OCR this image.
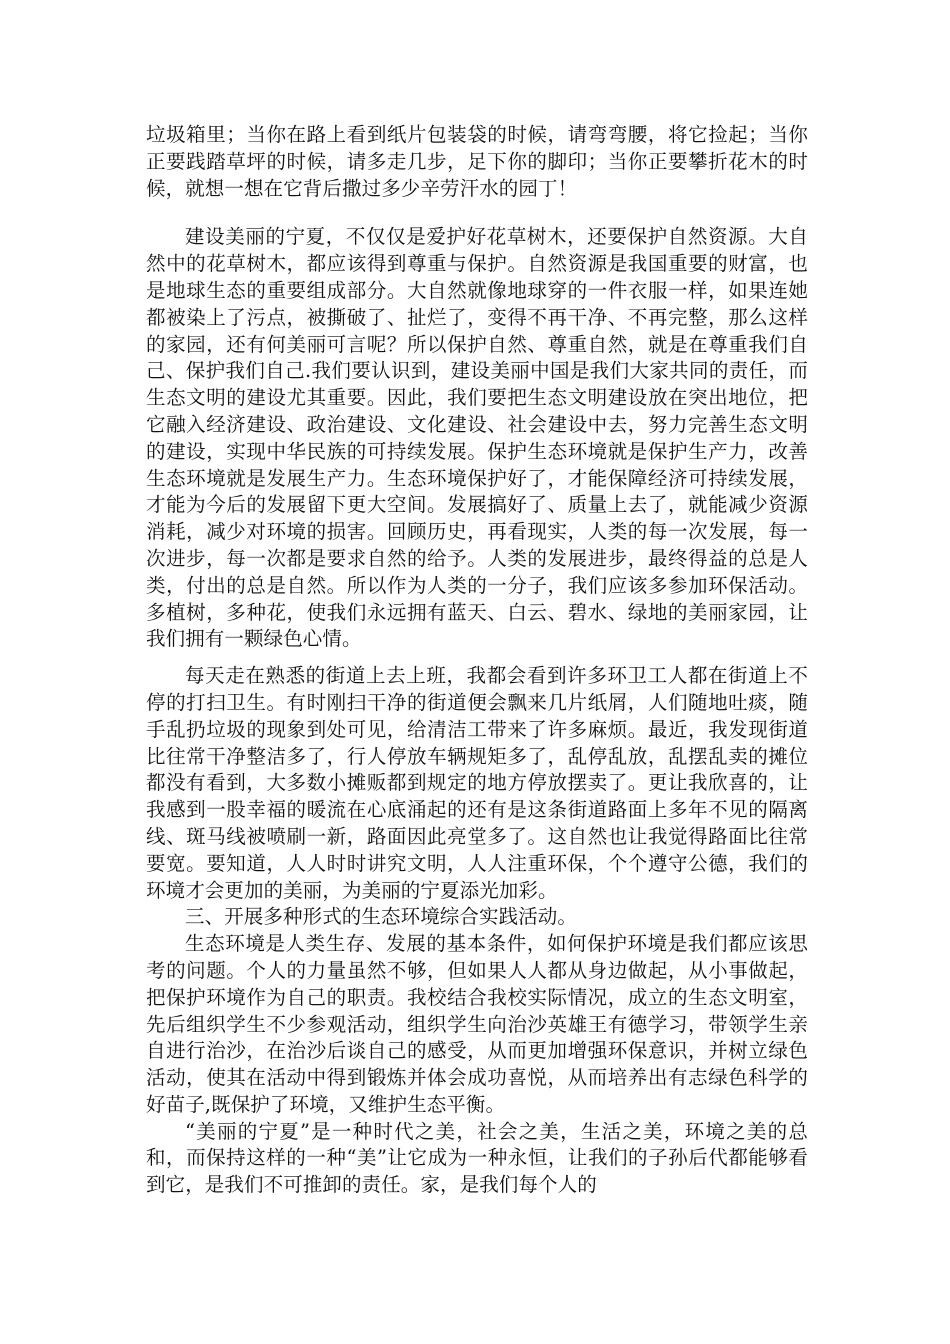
垃圾箱里；当你在路上看到纸片包装袋的时候，请弯弯腰，将它捡起；当你正要践踏草坪的时候，请多走几步，足下你的脚印；当你正要攀折花木的时候，就想一想在它背后撒过多少辛劳汗水的园丁！

建设美丽的宁夏，不仅仅是爱护好花草树木，还要保护自然资源。大自然中的花草树木，都应该得到尊重与保护。自然资源是我国重要的财富，也是地球生态的重要组成部分。大自然就像地球穿的一件衣服一样，如果连她都被染上了污点，被撕破了、扯烂了，变得不再干净、不再完整，那么这样的家园，还有何美丽可言呢？所以保护自然、尊重自然，就是在尊重我们自己、保护我们自己.我们要认识到，建设美丽中国是我们大家共同的责任，而生态文明的建设尤其重要。因此，我们要把生态文明建设放在突出地位，把它融入经济建设、政治建设、文化建设、社会建设中去，努力完善生态文明的建设，实现中华民族的可持续发展。保护生态环境就是保护生产力，改善生态环境就是发展生产力。生态环境保护好了，才能保障经济可持续发展，才能为今后的发展留下更大空间。发展搞好了、质量上去了，就能减少资源消耗，减少对环境的损害。回顾历史，再看现实，人类的每一次发展，每一次进步，每一次都是要求自然的给予。人类的发展进步，最终得益的总是人类，付出的总是自然。所以作为人类的一分子，我们应该多参加环保活动。多植树，多种花，使我们永远拥有蓝天、白云、碧水、绿地的美丽家园，让我们拥有一颗绿色心情。

每天走在熟悉的街道上去上班，我都会看到许多环卫工人都在街道上不停的打扫卫生。有时刚扫干净的街道便会飘来几片纸屑，人们随地吐痰，随手乱扔垃圾的现象到处可见，给清洁工带来了许多麻烦。最近，我发现街道比往常干净整洁多了，行人停放车辆规矩多了，乱停乱放，乱摆乱卖的摊位都没有看到，大多数小摊贩都到规定的地方停放摆卖了。更让我欣喜的，让我感到一股幸福的暖流在心底涌起的还有是这条街道路面上多年不见的隔离线、斑马线被喷刷一新，路面因此亮堂多了。这自然也让我觉得路面比往常要宽。要知道，人人时时讲究文明，人人注重环保，个个遵守公德，我们的环境才会更加的美丽，为美丽的宁夏添光加彩。

三、开展多种形式的生态环境综合实践活动。

生态环境是人类生存、发展的基本条件，如何保护环境是我们都应该思考的问题。个人的力量虽然不够，但如果人人都从身边做起，从小事做起，把保护环境作为自己的职责。我校结合我校实际情况，成立的生态文明室，先后组织学生不少参观活动，组织学生向治沙英雄王有德学习，带领学生亲自进行治沙，在治沙后谈自己的感受，从而更加增强环保意识，并树立绿色活动，使其在活动中得到锻炼并体会成功喜悦，从而培养出有志绿色科学的好苗子,既保护了环境，又维护生态平衡。

“美丽的宁夏”是一种时代之美，社会之美，生活之美，环境之美的总和，而保持这样的一种“美”让它成为一种永恒，让我们的子孙后代都能够看到它，是我们不可推卸的责任。家，是我们每个人的
